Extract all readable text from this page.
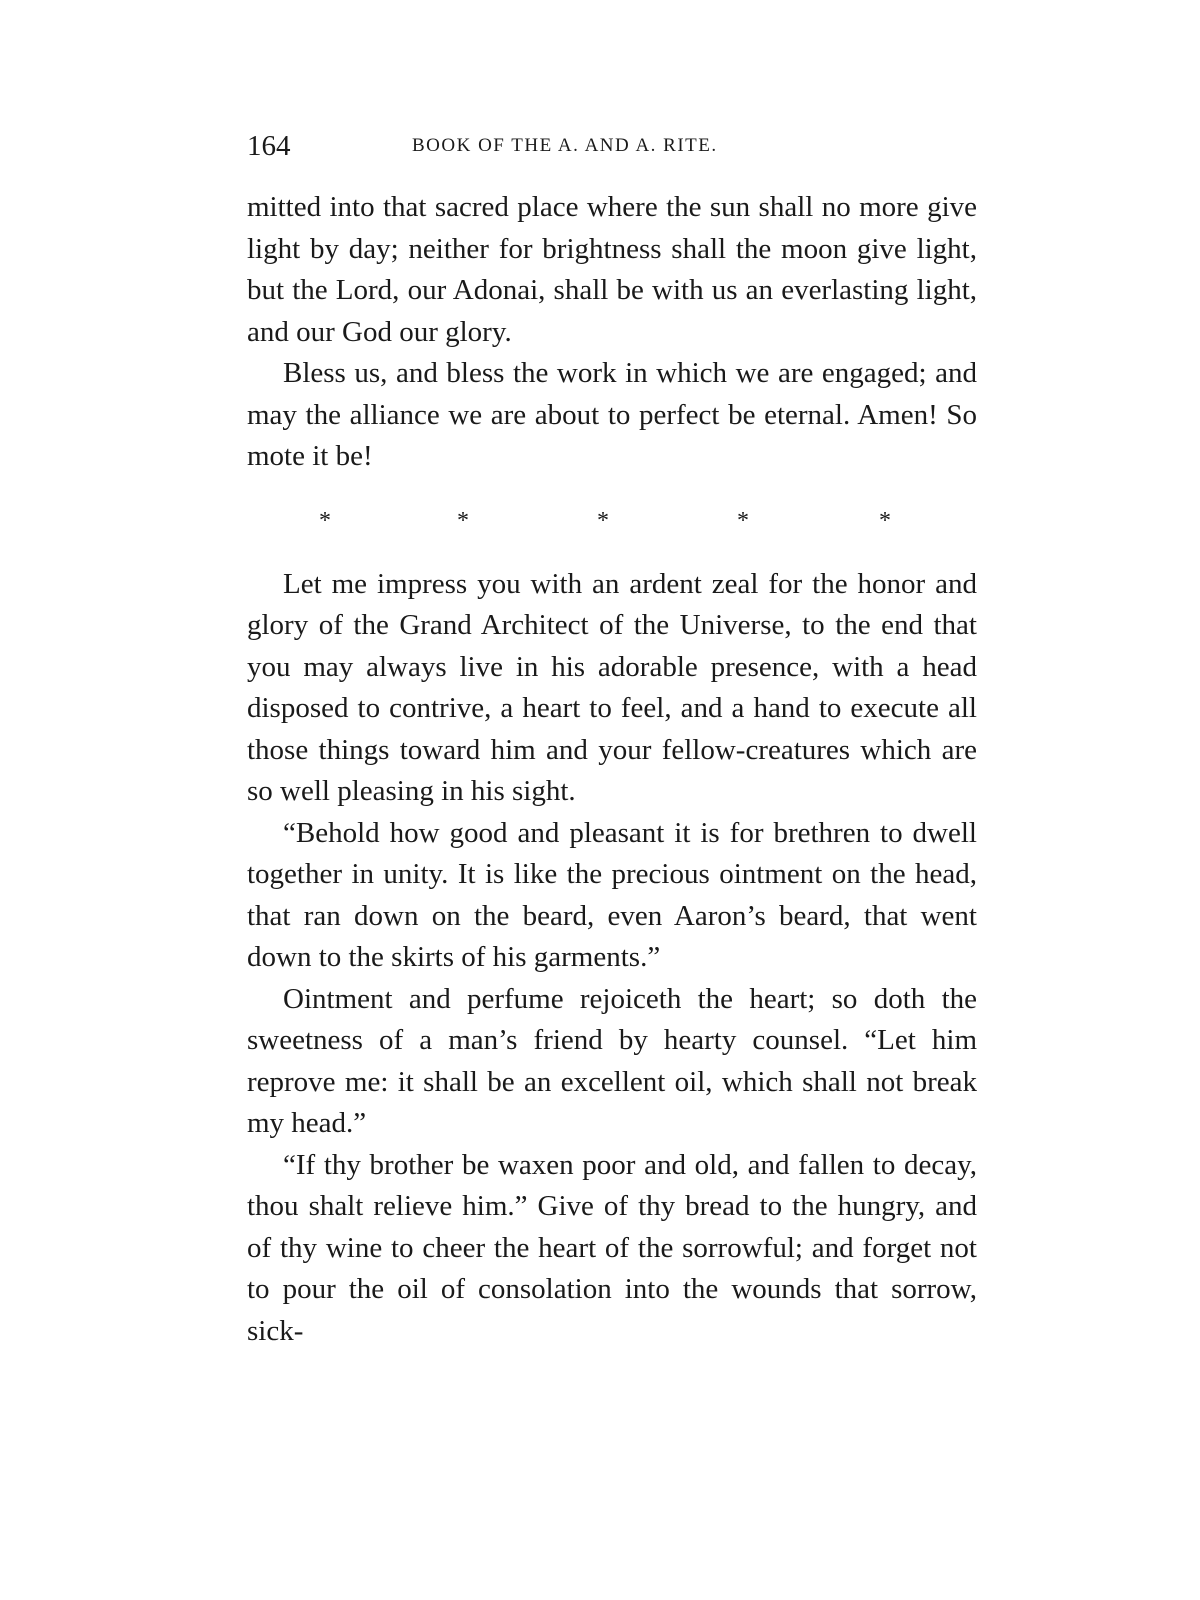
164	BOOK OF THE A. AND A. RITE.

mitted into that sacred place where the sun shall no more give light by day; neither for brightness shall the moon give light, but the Lord, our Adonai, shall be with us an everlasting light, and our God our glory.

Bless us, and bless the work in which we are engaged; and may the alliance we are about to perfect be eternal. Amen! So mote it be!

*	*	*	*	*

Let me impress you with an ardent zeal for the honor and glory of the Grand Architect of the Universe, to the end that you may always live in his adorable presence, with a head disposed to contrive, a heart to feel, and a hand to execute all those things toward him and your fellow-creatures which are so well pleasing in his sight.

“Behold how good and pleasant it is for brethren to dwell together in unity. It is like the precious ointment on the head, that ran down on the beard, even Aaron’s beard, that went down to the skirts of his garments.”

Ointment and perfume rejoiceth the heart; so doth the sweetness of a man’s friend by hearty counsel. “Let him reprove me: it shall be an excellent oil, which shall not break my head.”

“If thy brother be waxen poor and old, and fallen to decay, thou shalt relieve him.” Give of thy bread to the hungry, and of thy wine to cheer the heart of the sorrowful; and forget not to pour the oil of consolation into the wounds that sorrow, sick-
